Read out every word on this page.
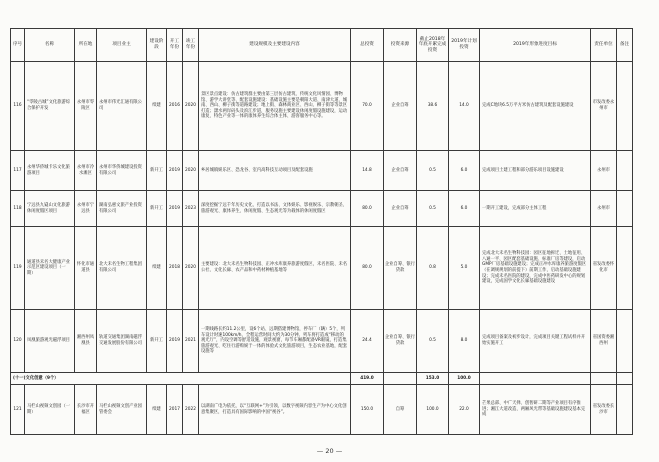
序号	名称	所在地	项目业主	建设阶段	开工年份	竣工年份	建设规模及主要建设内容	总投资	投资来源	截止2018年年底开累完成投资	2019年计划投资	2019年形象进度目标	责任单位	备注
116	“零陵古城”文化旅游综合保护开发	永州市零陵区	永州市伟光汇通有限公司	续建	2016	2020	景区景点建设：仿古建筑群主要由第三层仿古建筑、传统文化风情园、博物馆、游学大讲堂等、配套设施建设：基础设施主要是朝阳大道、南津大道、城南、西山、柳子街等道路建设；地上街、森林商业区、西山、柳子街等等景区打造；潇水两岸码头及滨江步道，服务设施主要建设休闲度假设施建设，运动康复、特色产业等一体的康体养生综合体主体、游客服务中心等。	70.0	企业自筹	38.6	14.0	完成C地块6.5万平方米仿古建筑及配套设施建设	市发改委永州市	
117	永州华侨城卡乐文化旅游项目	永州市冷水滩区	永州市华侨城建设投资有限公司	新开工	2019	2020	乡居城镇娱乐区、恐龙谷、室内高科技互动项目及配套设施	14.8	企业自筹	0.5	6.0	完成项目土建工程和部分游乐项目设施建设	永州市	
118	宁远县九嶷山文化旅游休闲度假区项目	永州市宁远县	湖南弘惠文旅产业投资有限公司	新开工	2019	2023	深度挖掘宁远千年历史文化，打造以书法、文体娱乐、影视娱乐、宗教朝圣、旅游观光、康体养生、休闲度假、生态观光等为载体的休闲度假区	80.0	企业自筹	0.5	6.0	一期开工建设，完成部分主体工程	永州市	
119	通道县未名大健康产业示范区建设项目（一期）	怀化市通道县	北大未名生物工程集团有限公司	续建	2018	2020	主要建设：北大未名生物科技园、正冲水库康养旅游度假区，未名医院、未名公社、文化长廊、农产品和中药材种植基地等	80.0	企业自筹、银行贷款	0.8	5.0	完成北大未名生物科技园：园区征地拆迁、土地征用、八通一平、园区配套基础设施、标准厂房等建设，启动GMP厂房基础设施建设；完成正冲水库康养旅游度假区（在调规规划的前提下）前期工作，启动基础设施建设；完成未名医院的建设，完成中医药研发中心的规划建设，完成国学文化长廊基础设施建设	省发改委怀化市	
120	凤凰旅游观光磁浮项目	湘西州凤凰县	轨道交通集团湖南磁浮交通发展股份有限公司	新开工	2019	2021	一期线路长约11.2公里，设6个站、远期搭建博物馆，停车厂（辆）5个，列车设计时速100km/h，全程运营时间大约为30分钟。列车将打造成“移动的观光厅”，内设空调等舒适设施，观景视窗，每节车厢都配备VR眼镜，打造集旅游观光、吃住行游购娱于一体的体验式文化旅游项目，生态农业基地，配套设施等	24.4	企业自筹、银行贷款	0.5	8.0	完成项目备案及初步设计，完成项目关键工程试样并开始实施开工	省国资委湘西州	
(十一)文化创意（9个）								419.0		153.0	100.0			
121	马栏山视频文创园（一期）	长沙市开福区	马栏山视频文创产业园管委会	续建	2017	2022	以湖南广电为依托，以“互联网+”为引领，以数字视频内容生产为中心文化创意集聚区，打造具有国际影响的中国“视谷”。	150.0	自筹	100.0	22.0	芒果总部、中广天择、创智研二期等产业项目有序推进；湘江大道改造、两厢风光带等基础设施建设基本完成	省发改委长沙市	
— 20 —
